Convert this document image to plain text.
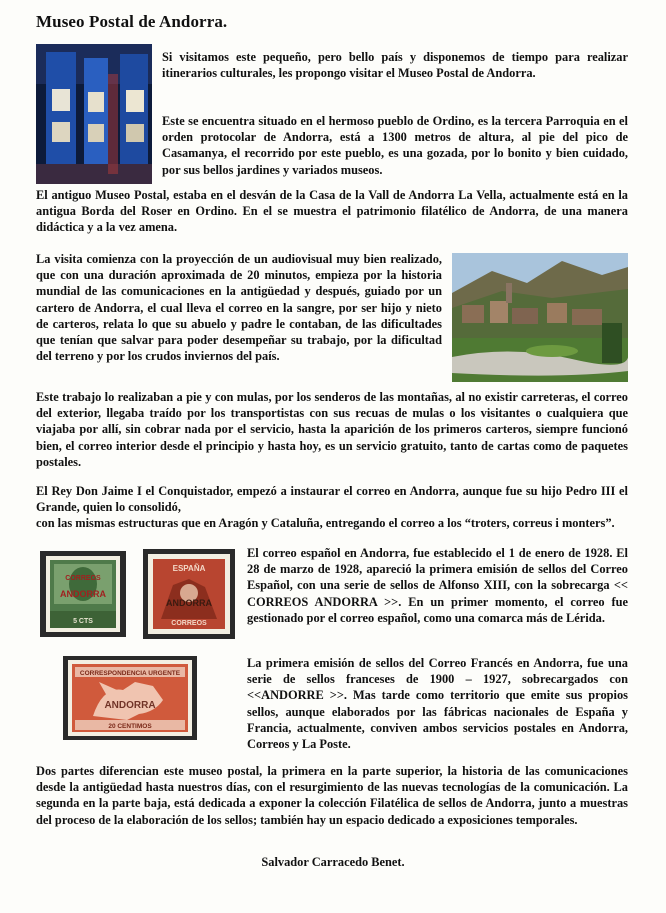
Museo Postal de Andorra.

Si visitamos este pequeño, pero bello país y disponemos de tiempo para realizar itinerarios culturales, les propongo visitar el Museo Postal de Andorra.

Este se encuentra situado en el hermoso pueblo de Ordino, es la tercera Parroquia en el orden protocolar de Andorra, está a 1300 metros de altura, al pie del pico de Casamanya, el recorrido por este pueblo, es una gozada, por lo bonito y bien cuidado, por sus bellos jardines y variados museos.

El antiguo Museo Postal, estaba en el desván de la Casa de la Vall de Andorra La Vella, actualmente está en la antigua Borda del Roser en Ordino. En el se muestra el patrimonio filatélico de Andorra, de una manera didáctica y a la vez amena.

La visita comienza con la proyección de un audiovisual muy bien realizado, que con una duración aproximada de 20 minutos, empieza por la historia mundial de las comunicaciones en la antigüedad y después, guiado por un cartero de Andorra, el cual lleva el correo en la sangre, por ser hijo y nieto de carteros, relata lo que su abuelo y padre le contaban, de las dificultades que tenían que salvar para poder desempeñar su trabajo, por la dificultad del terreno y por los crudos inviernos del país.

Este trabajo lo realizaban a pie y con mulas, por los senderos de las montañas, al no existir carreteras, el correo del exterior, llegaba traído por los transportistas con sus recuas de mulas o los visitantes o cualquiera que viajaba por allí, sin cobrar nada por el servicio, hasta la aparición de los primeros carteros, siempre funcionó bien, el correo interior desde el principio y hasta hoy, es un servicio gratuito, tanto de cartas como de paquetes postales.

El Rey Don Jaime I el Conquistador, empezó a instaurar el correo en Andorra, aunque fue su hijo Pedro III el Grande, quien lo consolidó,

con las mismas estructuras que en Aragón y Cataluña, entregando el correo a los “troters, correus i monters”.

CORREOS
ANDORRA
5 CTS
ESPAÑA
ANDORRA
CORREOS
CORRESPONDENCIA URGENTE
ANDORRA
20 CENTIMOS

El correo español en Andorra, fue establecido el 1 de enero de 1928. El 28 de marzo de 1928, apareció la primera emisión de sellos del Correo Español, con una serie de sellos de Alfonso XIII, con la sobrecarga << CORREOS ANDORRA >>. En un primer momento, el correo fue gestionado por el correo español, como una comarca más de Lérida.

La primera emisión de sellos del Correo Francés en Andorra, fue una serie de sellos franceses de 1900 – 1927, sobrecargados con <<ANDORRE >>. Mas tarde como territorio que emite sus propios sellos, aunque elaborados por las fábricas nacionales de España y Francia, actualmente, conviven ambos servicios postales en Andorra, Correos y La Poste.

Dos partes diferencian este museo postal, la primera en la parte superior, la historia de las comunicaciones desde la antigüedad hasta nuestros días, con el resurgimiento de las nuevas tecnologías de la comunicación. La segunda en la parte baja, está dedicada a exponer la colección Filatélica de sellos de Andorra, junto a muestras del proceso de la elaboración de los sellos; también hay un espacio dedicado a exposiciones temporales.

Salvador Carracedo Benet.
